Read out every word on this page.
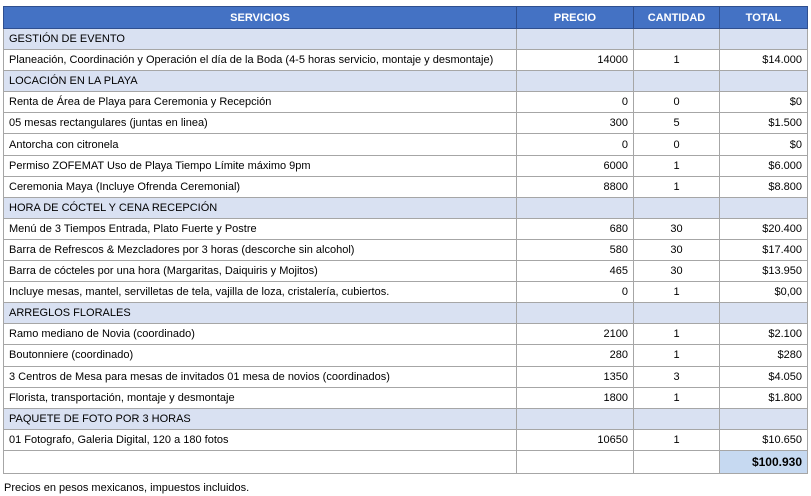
SERVICIOS	PRECIO	CANTIDAD	TOTAL
GESTIÓN DE EVENTO			
Planeación, Coordinación y Operación el día de la Boda (4-5 horas servicio, montaje y desmontaje)	14000	1	$14.000
LOCACIÓN EN LA PLAYA			
Renta de Área de Playa para Ceremonia y Recepción	0	0	$0
05 mesas rectangulares (juntas en linea)	300	5	$1.500
Antorcha con citronela	0	0	$0
Permiso ZOFEMAT Uso de Playa Tiempo Límite máximo 9pm	6000	1	$6.000
Ceremonia Maya (Incluye Ofrenda Ceremonial)	8800	1	$8.800
HORA DE CÓCTEL Y CENA RECEPCIÓN			
Menú de 3 Tiempos Entrada, Plato Fuerte y Postre	680	30	$20.400
Barra de Refrescos & Mezcladores por 3 horas (descorche sin alcohol)	580	30	$17.400
Barra de cócteles por una hora (Margaritas, Daiquiris y Mojitos)	465	30	$13.950
Incluye mesas, mantel, servilletas de tela, vajilla de loza, cristalería, cubiertos.	0	1	$0,00
ARREGLOS FLORALES			
Ramo mediano de Novia (coordinado)	2100	1	$2.100
Boutonniere (coordinado)	280	1	$280
3 Centros de Mesa para mesas de invitados 01 mesa de novios (coordinados)	1350	3	$4.050
Florista, transportación, montaje y desmontaje	1800	1	$1.800
PAQUETE DE FOTO POR 3 HORAS			
01 Fotografo, Galeria Digital, 120 a 180 fotos	10650	1	$10.650
			$100.930
Precios en pesos mexicanos, impuestos incluidos.
